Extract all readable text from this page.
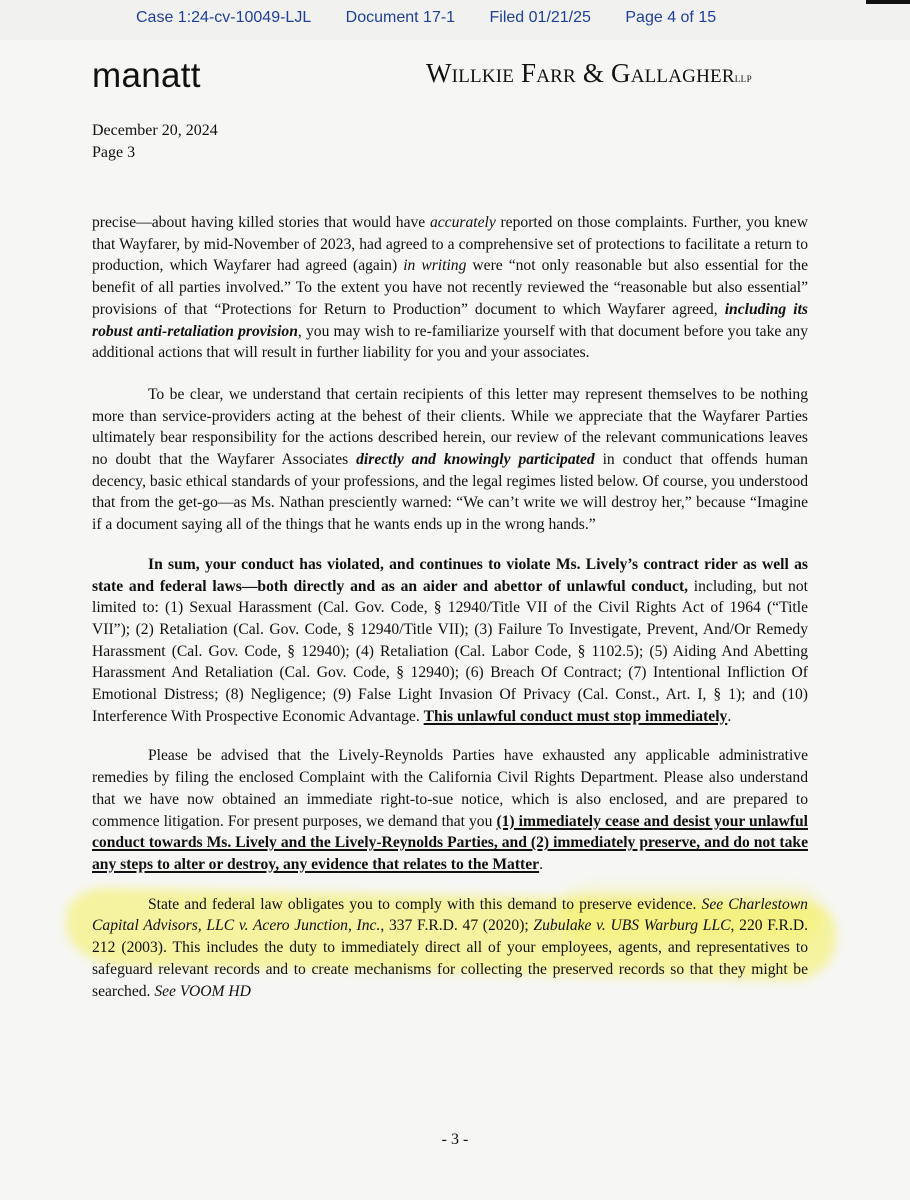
Case 1:24-cv-10049-LJL Document 17-1 Filed 01/21/25 Page 4 of 15
manatt	Willkie Farr & Gallagherllp
December 20, 2024
Page 3

precise—about having killed stories that would have accurately reported on those complaints. Further, you knew that Wayfarer, by mid-November of 2023, had agreed to a comprehensive set of protections to facilitate a return to production, which Wayfarer had agreed (again) in writing were “not only reasonable but also essential for the benefit of all parties involved.” To the extent you have not recently reviewed the “reasonable but also essential” provisions of that “Protections for Return to Production” document to which Wayfarer agreed, including its robust anti-retaliation provision, you may wish to re-familiarize yourself with that document before you take any additional actions that will result in further liability for you and your associates.

To be clear, we understand that certain recipients of this letter may represent themselves to be nothing more than service-providers acting at the behest of their clients. While we appreciate that the Wayfarer Parties ultimately bear responsibility for the actions described herein, our review of the relevant communications leaves no doubt that the Wayfarer Associates directly and knowingly participated in conduct that offends human decency, basic ethical standards of your professions, and the legal regimes listed below. Of course, you understood that from the get-go—as Ms. Nathan presciently warned: “We can’t write we will destroy her,” because “Imagine if a document saying all of the things that he wants ends up in the wrong hands.”

In sum, your conduct has violated, and continues to violate Ms. Lively’s contract rider as well as state and federal laws—both directly and as an aider and abettor of unlawful conduct, including, but not limited to: (1) Sexual Harassment (Cal. Gov. Code, § 12940/Title VII of the Civil Rights Act of 1964 (“Title VII”); (2) Retaliation (Cal. Gov. Code, § 12940/Title VII); (3) Failure To Investigate, Prevent, And/Or Remedy Harassment (Cal. Gov. Code, § 12940); (4) Retaliation (Cal. Labor Code, § 1102.5); (5) Aiding And Abetting Harassment And Retaliation (Cal. Gov. Code, § 12940); (6) Breach Of Contract; (7) Intentional Infliction Of Emotional Distress; (8) Negligence; (9) False Light Invasion Of Privacy (Cal. Const., Art. I, § 1); and (10) Interference With Prospective Economic Advantage. This unlawful conduct must stop immediately.

Please be advised that the Lively-Reynolds Parties have exhausted any applicable administrative remedies by filing the enclosed Complaint with the California Civil Rights Department. Please also understand that we have now obtained an immediate right-to-sue notice, which is also enclosed, and are prepared to commence litigation. For present purposes, we demand that you (1) immediately cease and desist your unlawful conduct towards Ms. Lively and the Lively-Reynolds Parties, and (2) immediately preserve, and do not take any steps to alter or destroy, any evidence that relates to the Matter.

State and federal law obligates you to comply with this demand to preserve evidence. See Charlestown Capital Advisors, LLC v. Acero Junction, Inc., 337 F.R.D. 47 (2020); Zubulake v. UBS Warburg LLC, 220 F.R.D. 212 (2003). This includes the duty to immediately direct all of your employees, agents, and representatives to safeguard relevant records and to create mechanisms for collecting the preserved records so that they might be searched. See VOOM HD

- 3 -
